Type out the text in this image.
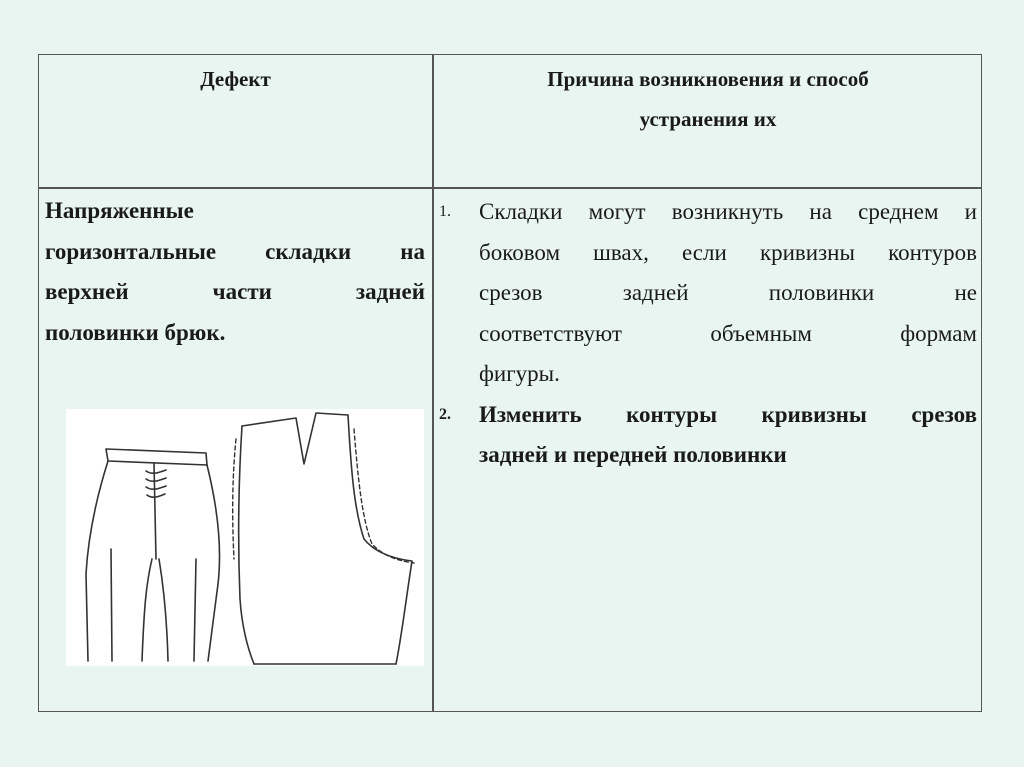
Дефект	Причина возникновения и способ
устранения их
Напряженные
горизонтальные складки на
верхней части задней
половинки брюк.
1.	Складки могут возникнуть на среднем и
боковом швах, если кривизны контуров
срезов задней половинки не
соответствуют объемным формам
фигуры.
2.	Изменить контуры кривизны срезов
задней и передней половинки
